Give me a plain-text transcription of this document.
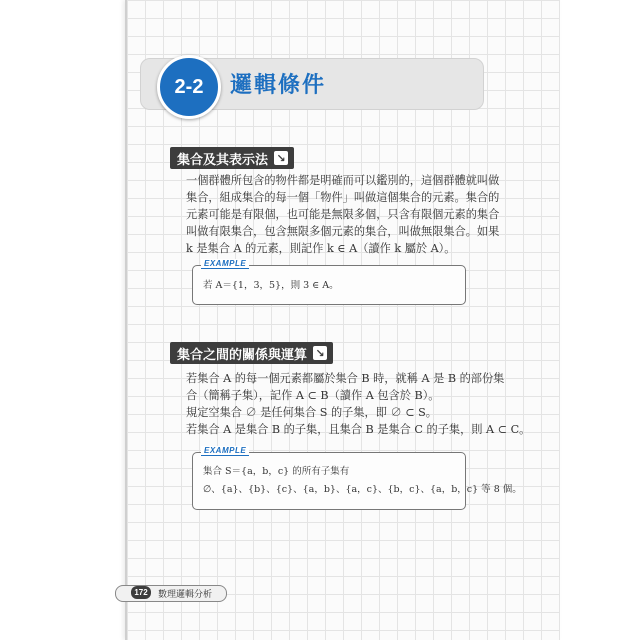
2-2	邏輯條件
集合及其表示法 ↘
一個群體所包含的物件都是明確而可以鑑別的，這個群體就叫做
集合，組成集合的每一個「物件」叫做這個集合的元素。集合的
元素可能是有限個，也可能是無限多個，只含有限個元素的集合
叫做有限集合，包含無限多個元素的集合，叫做無限集合。如果
k 是集合 A 的元素，則記作 k ∈ A（讀作 k 屬於 A）。
EXAMPLE
若 A＝{1，3，5}，則 3 ∈ A。
集合之間的關係與運算 ↘
若集合 A 的每一個元素都屬於集合 B 時，就稱 A 是 B 的部份集
合（簡稱子集），記作 A ⊂ B（讀作 A 包含於 B）。
規定空集合 ∅ 是任何集合 S 的子集，即 ∅ ⊂ S。
若集合 A 是集合 B 的子集，且集合 B 是集合 C 的子集，則 A ⊂ C。
EXAMPLE
集合 S＝{a，b，c} 的所有子集有
∅、{a}、{b}、{c}、{a，b}、{a，c}、{b，c}、{a，b，c} 等 8 個。
172	數理邏輯分析
